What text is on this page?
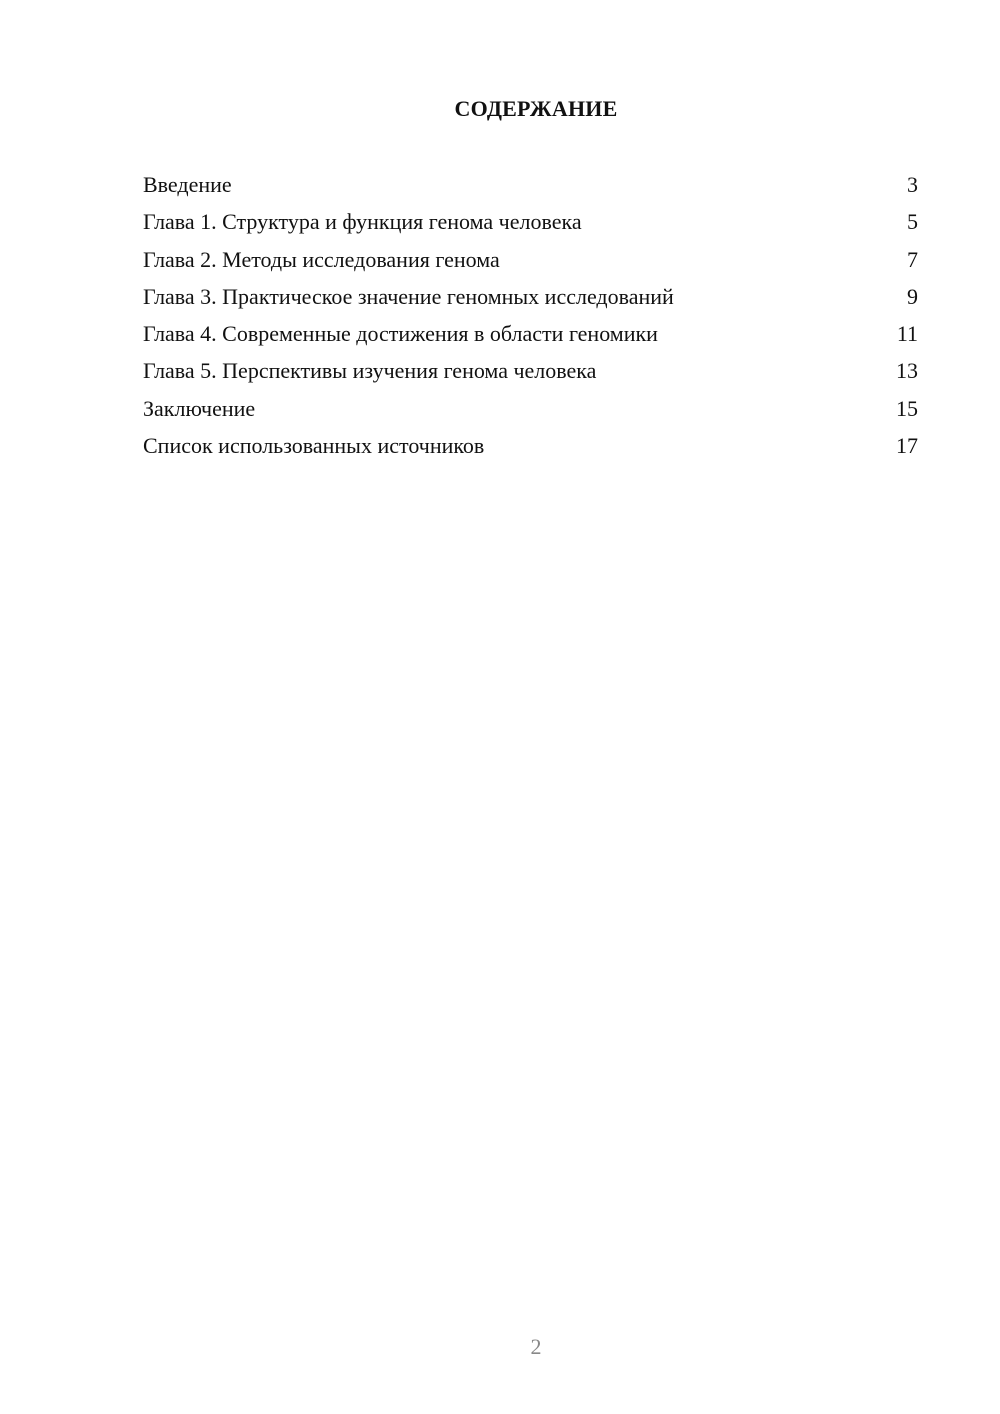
СОДЕРЖАНИЕ
Введение	3
Глава 1. Структура и функция генома человека	5
Глава 2. Методы исследования генома	7
Глава 3. Практическое значение геномных исследований	9
Глава 4. Современные достижения в области геномики	11
Глава 5. Перспективы изучения генома человека	13
Заключение	15
Список использованных источников	17
2
